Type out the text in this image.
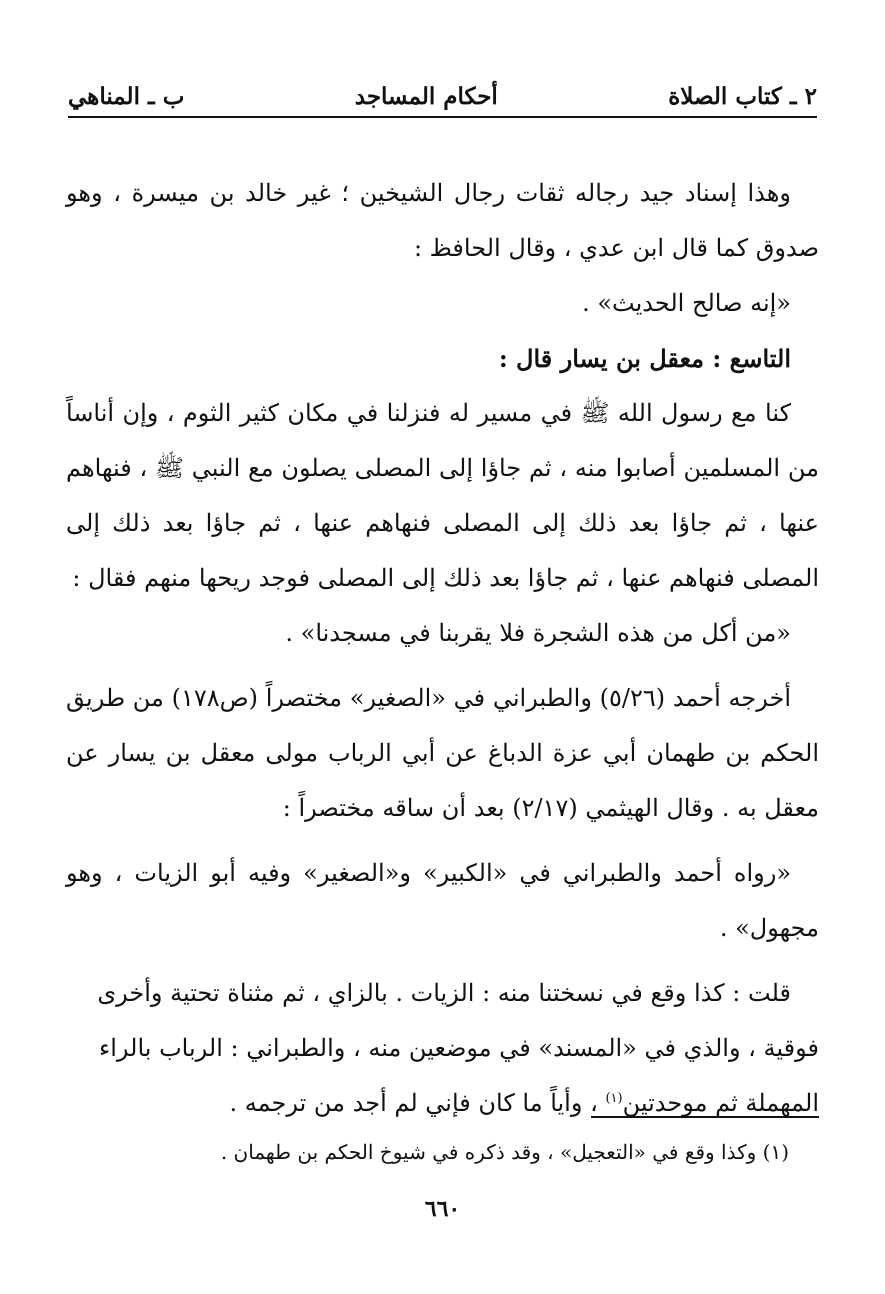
٢ ـ كتاب الصلاة
أحكام المساجد
ب ـ المناهي

وهذا إسناد جيد رجاله ثقات رجال الشيخين ؛ غير خالد بن ميسرة ، وهو صدوق كما قال ابن عدي ، وقال الحافظ :

«إنه صالح الحديث» .

التاسع : معقل بن يسار قال :

كنا مع رسول الله ﷺ في مسير له فنزلنا في مكان كثير الثوم ، وإن أناساً من المسلمين أصابوا منه ، ثم جاؤا إلى المصلى يصلون مع النبي ﷺ ، فنهاهم عنها ، ثم جاؤا بعد ذلك إلى المصلى فنهاهم عنها ، ثم جاؤا بعد ذلك إلى المصلى فنهاهم عنها ، ثم جاؤا بعد ذلك إلى المصلى فوجد ريحها منهم فقال :

«من أكل من هذه الشجرة فلا يقربنا في مسجدنا» .

أخرجه أحمد (٥/٢٦) والطبراني في «الصغير» مختصراً (ص١٧٨) من طريق الحكم بن طهمان أبي عزة الدباغ عن أبي الرباب مولى معقل بن يسار عن معقل به . وقال الهيثمي (٢/١٧) بعد أن ساقه مختصراً :

«رواه أحمد والطبراني في «الكبير» و«الصغير» وفيه أبو الزيات ، وهو مجهول» .

قلت : كذا وقع في نسختنا منه : الزيات . بالزاي ، ثم مثناة تحتية وأخرى فوقية ، والذي في «المسند» في موضعين منه ، والطبراني : الرباب بالراء المهملة ثم موحدتين$^{(١)}$ ، وأياً ما كان فإني لم أجد من ترجمه .

(١) وكذا وقع في «التعجيل» ، وقد ذكره في شيوخ الحكم بن طهمان .
٦٦٠
